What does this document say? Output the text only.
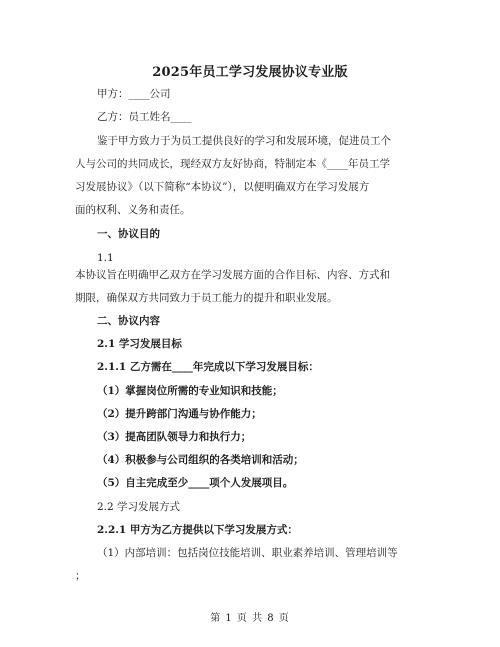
2025年员工学习发展协议专业版
甲方：____公司
乙方：员工姓名____
鉴于甲方致力于为员工提供良好的学习和发展环境，促进员工个
人与公司的共同成长，现经双方友好协商，特制定本《____年员工学
习发展协议》（以下简称“本协议”），以便明确双方在学习发展方
面的权利、义务和责任。
一、协议目的
1.1
本协议旨在明确甲乙双方在学习发展方面的合作目标、内容、方式和
期限，确保双方共同致力于员工能力的提升和职业发展。
二、协议内容
2.1 学习发展目标
2.1.1 乙方需在____年完成以下学习发展目标：
（1）掌握岗位所需的专业知识和技能；
（2）提升跨部门沟通与协作能力；
（3）提高团队领导力和执行力；
（4）积极参与公司组织的各类培训和活动；
（5）自主完成至少____项个人发展项目。
2.2 学习发展方式
2.2.1 甲方为乙方提供以下学习发展方式：
（1）内部培训：包括岗位技能培训、职业素养培训、管理培训等
；
第 1 页 共 8 页
